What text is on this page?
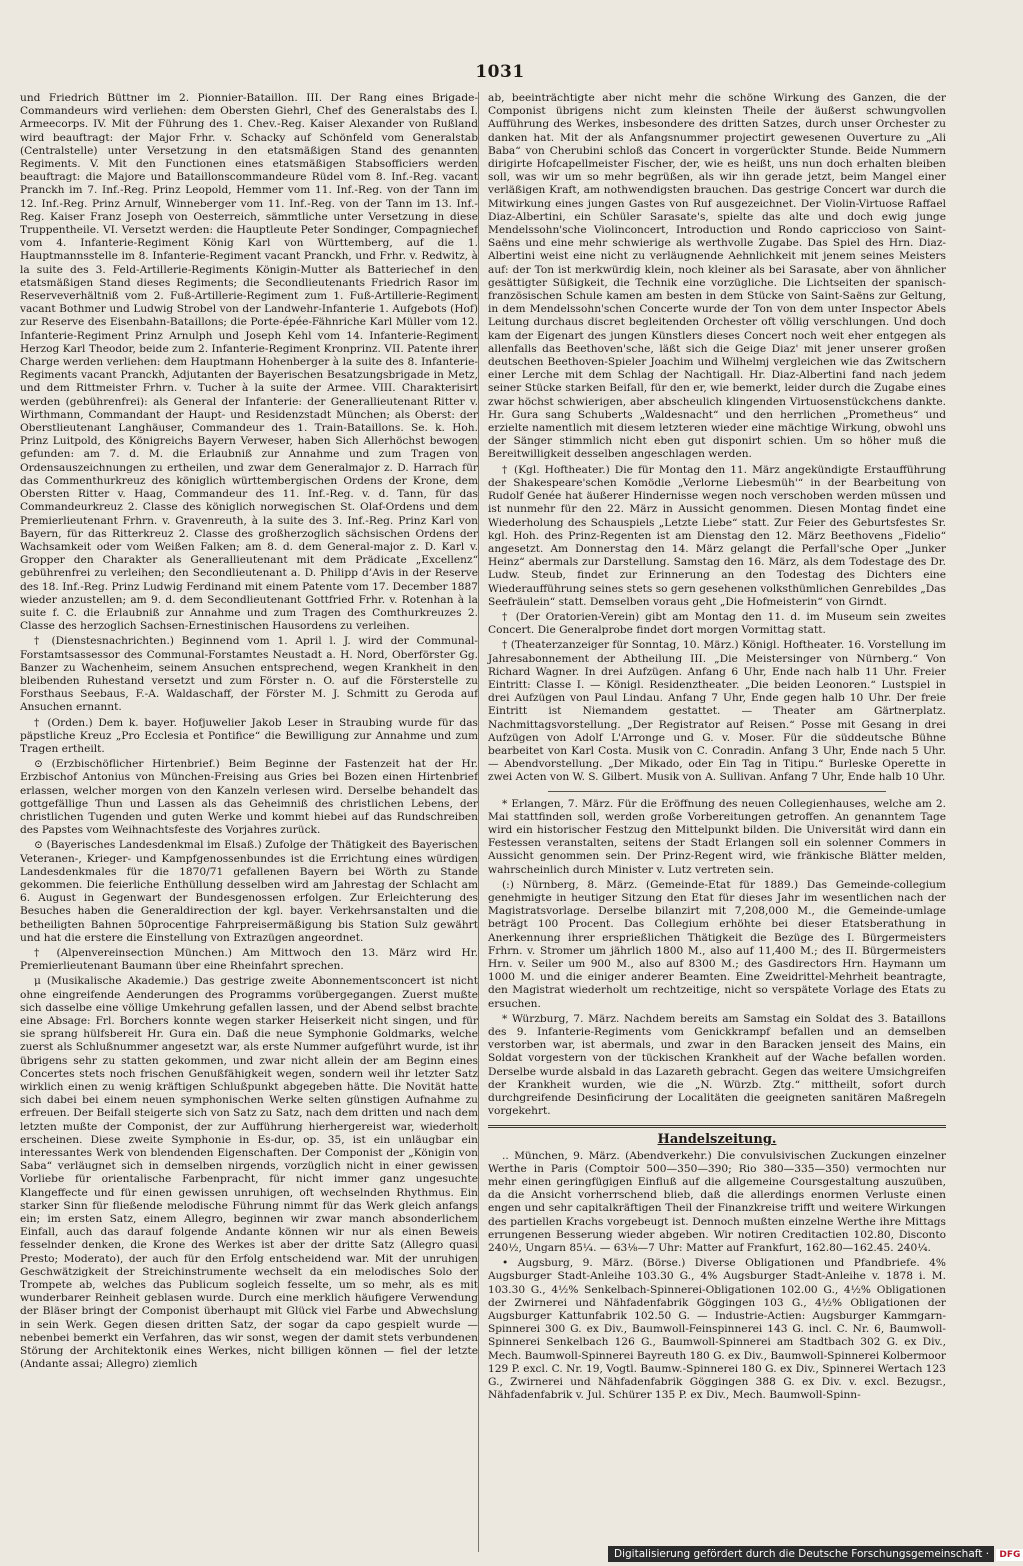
1031

und Friedrich Büttner im 2. Pionnier-Bataillon. III. Der Rang eines Brigade-Commandeurs wird verliehen: dem Obersten Giehrl, Chef des Generalstabs des I. Armeecorps. IV. Mit der Führung des 1. Chev.-Reg. Kaiser Alexander von Rußland wird beauftragt: der Major Frhr. v. Schacky auf Schönfeld vom Generalstab (Centralstelle) unter Versetzung in den etatsmäßigen Stand des genannten Regiments. V. Mit den Functionen eines etatsmäßigen Stabsofficiers werden beauftragt: die Majore und Bataillonscommandeure Rüdel vom 8. Inf.-Reg. vacant Pranckh im 7. Inf.-Reg. Prinz Leopold, Hemmer vom 11. Inf.-Reg. von der Tann im 12. Inf.-Reg. Prinz Arnulf, Winneberger vom 11. Inf.-Reg. von der Tann im 13. Inf.-Reg. Kaiser Franz Joseph von Oesterreich, sämmtliche unter Versetzung in diese Truppentheile. VI. Versetzt werden: die Hauptleute Peter Sondinger, Compagniechef vom 4. Infanterie-Regiment König Karl von Württemberg, auf die 1. Hauptmannsstelle im 8. Infanterie-Regiment vacant Pranckh, und Frhr. v. Redwitz, à la suite des 3. Feld-Artillerie-Regiments Königin-Mutter als Batteriechef in den etatsmäßigen Stand dieses Regiments; die Secondlieutenants Friedrich Rasor im Reserveverhältniß vom 2. Fuß-Artillerie-Regiment zum 1. Fuß-Artillerie-Regiment vacant Bothmer und Ludwig Strobel von der Landwehr-Infanterie 1. Aufgebots (Hof) zur Reserve des Eisenbahn-Bataillons; die Porte-épée-Fähnriche Karl Müller vom 12. Infanterie-Regiment Prinz Arnulph und Joseph Kehl vom 14. Infanterie-Regiment Herzog Karl Theodor, beide zum 2. Infanterie-Regiment Kronprinz. VII. Patente ihrer Charge werden verliehen: dem Hauptmann Hohenberger à la suite des 8. Infanterie-Regiments vacant Pranckh, Adjutanten der Bayerischen Besatzungsbrigade in Metz, und dem Rittmeister Frhrn. v. Tucher à la suite der Armee. VIII. Charakterisirt werden (gebührenfrei): als General der Infanterie: der Generallieutenant Ritter v. Wirthmann, Commandant der Haupt- und Residenzstadt München; als Oberst: der Oberstlieutenant Langhäuser, Commandeur des 1. Train-Bataillons. Se. k. Hoh. Prinz Luitpold, des Königreichs Bayern Verweser, haben Sich Allerhöchst bewogen gefunden: am 7. d. M. die Erlaubniß zur Annahme und zum Tragen von Ordensauszeichnungen zu ertheilen, und zwar dem Generalmajor z. D. Harrach für das Commenthurkreuz des königlich württembergischen Ordens der Krone, dem Obersten Ritter v. Haag, Commandeur des 11. Inf.-Reg. v. d. Tann, für das Commandeurkreuz 2. Classe des königlich norwegischen St. Olaf-Ordens und dem Premierlieutenant Frhrn. v. Gravenreuth, à la suite des 3. Inf.-Reg. Prinz Karl von Bayern, für das Ritterkreuz 2. Classe des großherzoglich sächsischen Ordens der Wachsamkeit oder vom Weißen Falken; am 8. d. dem General-major z. D. Karl v. Gropper den Charakter als Generallieutenant mit dem Prädicate „Excellenz“ gebührenfrei zu verleihen; den Secondlieutenant a. D. Philipp d’Avis in der Reserve des 18. Inf.-Reg. Prinz Ludwig Ferdinand mit einem Patente vom 17. December 1887 wieder anzustellen; am 9. d. dem Secondlieutenant Gottfried Frhr. v. Rotenhan à la suite f. C. die Erlaubniß zur Annahme und zum Tragen des Comthurkreuzes 2. Classe des herzoglich Sachsen-Ernestinischen Hausordens zu verleihen.

† (Dienstesnachrichten.) Beginnend vom 1. April l. J. wird der Communal-Forstamtsassessor des Communal-Forstamtes Neustadt a. H. Nord, Oberförster Gg. Banzer zu Wachenheim, seinem Ansuchen entsprechend, wegen Krankheit in den bleibenden Ruhestand versetzt und zum Förster n. O. auf die Försterstelle zu Forsthaus Seebaus, F.-A. Waldaschaff, der Förster M. J. Schmitt zu Geroda auf Ansuchen ernannt.

† (Orden.) Dem k. bayer. Hofjuwelier Jakob Leser in Straubing wurde für das päpstliche Kreuz „Pro Ecclesia et Pontifice“ die Bewilligung zur Annahme und zum Tragen ertheilt.

⊙ (Erzbischöflicher Hirtenbrief.) Beim Beginne der Fastenzeit hat der Hr. Erzbischof Antonius von München-Freising aus Gries bei Bozen einen Hirtenbrief erlassen, welcher morgen von den Kanzeln verlesen wird. Derselbe behandelt das gottgefällige Thun und Lassen als das Geheimniß des christlichen Lebens, der christlichen Tugenden und guten Werke und kommt hiebei auf das Rundschreiben des Papstes vom Weihnachtsfeste des Vorjahres zurück.

⊙ (Bayerisches Landesdenkmal im Elsaß.) Zufolge der Thätigkeit des Bayerischen Veteranen-, Krieger- und Kampfgenossenbundes ist die Errichtung eines würdigen Landesdenkmales für die 1870/71 gefallenen Bayern bei Wörth zu Stande gekommen. Die feierliche Enthüllung desselben wird am Jahrestag der Schlacht am 6. August in Gegenwart der Bundesgenossen erfolgen. Zur Erleichterung des Besuches haben die Generaldirection der kgl. bayer. Verkehrsanstalten und die betheiligten Bahnen 50procentige Fahrpreisermäßigung bis Station Sulz gewährt und hat die erstere die Einstellung von Extrazügen angeordnet.

† (Alpenvereinsection München.) Am Mittwoch den 13. März wird Hr. Premierlieutenant Baumann über eine Rheinfahrt sprechen.

μ (Musikalische Akademie.) Das gestrige zweite Abonnementsconcert ist nicht ohne eingreifende Aenderungen des Programms vorübergegangen. Zuerst mußte sich dasselbe eine völlige Umkehrung gefallen lassen, und der Abend selbst brachte eine Absage: Frl. Borchers konnte wegen starker Heiserkeit nicht singen, und für sie sprang hülfsbereit Hr. Gura ein. Daß die neue Symphonie Goldmarks, welche zuerst als Schlußnummer angesetzt war, als erste Nummer aufgeführt wurde, ist ihr übrigens sehr zu statten gekommen, und zwar nicht allein der am Beginn eines Concertes stets noch frischen Genußfähigkeit wegen, sondern weil ihr letzter Satz wirklich einen zu wenig kräftigen Schlußpunkt abgegeben hätte. Die Novität hatte sich dabei bei einem neuen symphonischen Werke selten günstigen Aufnahme zu erfreuen. Der Beifall steigerte sich von Satz zu Satz, nach dem dritten und nach dem letzten mußte der Componist, der zur Aufführung hierhergereist war, wiederholt erscheinen. Diese zweite Symphonie in Es-dur, op. 35, ist ein unläugbar ein interessantes Werk von blendenden Eigenschaften. Der Componist der „Königin von Saba“ verläugnet sich in demselben nirgends, vorzüglich nicht in einer gewissen Vorliebe für orientalische Farbenpracht, für nicht immer ganz ungesuchte Klangeffecte und für einen gewissen unruhigen, oft wechselnden Rhythmus. Ein starker Sinn für fließende melodische Führung nimmt für das Werk gleich anfangs ein; im ersten Satz, einem Allegro, beginnen wir zwar manch absonderlichem Einfall, auch das darauf folgende Andante können wir nur als einen Beweis fesselnder denken, die Krone des Werkes ist aber der dritte Satz (Allegro quasi Presto; Moderato), der auch für den Erfolg entscheidend war. Mit der unruhigen Geschwätzigkeit der Streichinstrumente wechselt da ein melodisches Solo der Trompete ab, welches das Publicum sogleich fesselte, um so mehr, als es mit wunderbarer Reinheit geblasen wurde. Durch eine merklich häufigere Verwendung der Bläser bringt der Componist überhaupt mit Glück viel Farbe und Abwechslung in sein Werk. Gegen diesen dritten Satz, der sogar da capo gespielt wurde — nebenbei bemerkt ein Verfahren, das wir sonst, wegen der damit stets verbundenen Störung der Architektonik eines Werkes, nicht billigen können — fiel der letzte (Andante assai; Allegro) ziemlich

ab, beeinträchtigte aber nicht mehr die schöne Wirkung des Ganzen, die der Componist übrigens nicht zum kleinsten Theile der äußerst schwungvollen Aufführung des Werkes, insbesondere des dritten Satzes, durch unser Orchester zu danken hat. Mit der als Anfangsnummer projectirt gewesenen Ouverture zu „Ali Baba“ von Cherubini schloß das Concert in vorgerückter Stunde. Beide Nummern dirigirte Hofcapellmeister Fischer, der, wie es heißt, uns nun doch erhalten bleiben soll, was wir um so mehr begrüßen, als wir ihn gerade jetzt, beim Mangel einer verläßigen Kraft, am nothwendigsten brauchen. Das gestrige Concert war durch die Mitwirkung eines jungen Gastes von Ruf ausgezeichnet. Der Violin-Virtuose Raffael Diaz-Albertini, ein Schüler Sarasate's, spielte das alte und doch ewig junge Mendelssohn'sche Violinconcert, Introduction und Rondo capriccioso von Saint-Saëns und eine mehr schwierige als werthvolle Zugabe. Das Spiel des Hrn. Diaz-Albertini weist eine nicht zu verläugnende Aehnlichkeit mit jenem seines Meisters auf: der Ton ist merkwürdig klein, noch kleiner als bei Sarasate, aber von ähnlicher gesättigter Süßigkeit, die Technik eine vorzügliche. Die Lichtseiten der spanisch-französischen Schule kamen am besten in dem Stücke von Saint-Saëns zur Geltung, in dem Mendelssohn'schen Concerte wurde der Ton von dem unter Inspector Abels Leitung durchaus discret begleitenden Orchester oft völlig verschlungen. Und doch kam der Eigenart des jungen Künstlers dieses Concert noch weit eher entgegen als allenfalls das Beethoven'sche, läßt sich die Geige Diaz' mit jener unserer großen deutschen Beethoven-Spieler Joachim und Wilhelmj vergleichen wie das Zwitschern einer Lerche mit dem Schlag der Nachtigall. Hr. Diaz-Albertini fand nach jedem seiner Stücke starken Beifall, für den er, wie bemerkt, leider durch die Zugabe eines zwar höchst schwierigen, aber abscheulich klingenden Virtuosenstückchens dankte. Hr. Gura sang Schuberts „Waldesnacht“ und den herrlichen „Prometheus“ und erzielte namentlich mit diesem letzteren wieder eine mächtige Wirkung, obwohl uns der Sänger stimmlich nicht eben gut disponirt schien. Um so höher muß die Bereitwilligkeit desselben angeschlagen werden.

† (Kgl. Hoftheater.) Die für Montag den 11. März angekündigte Erstaufführung der Shakespeare'schen Komödie „Verlorne Liebesmüh'“ in der Bearbeitung von Rudolf Genée hat äußerer Hindernisse wegen noch verschoben werden müssen und ist nunmehr für den 22. März in Aussicht genommen. Diesen Montag findet eine Wiederholung des Schauspiels „Letzte Liebe“ statt. Zur Feier des Geburtsfestes Sr. kgl. Hoh. des Prinz-Regenten ist am Dienstag den 12. März Beethovens „Fidelio“ angesetzt. Am Donnerstag den 14. März gelangt die Perfall'sche Oper „Junker Heinz“ abermals zur Darstellung. Samstag den 16. März, als dem Todestage des Dr. Ludw. Steub, findet zur Erinnerung an den Todestag des Dichters eine Wiederaufführung seines stets so gern gesehenen volksthümlichen Genrebildes „Das Seefräulein“ statt. Demselben voraus geht „Die Hofmeisterin“ von Girndt.

† (Der Oratorien-Verein) gibt am Montag den 11. d. im Museum sein zweites Concert. Die Generalprobe findet dort morgen Vormittag statt.

† (Theaterzanzeiger für Sonntag, 10. März.) Königl. Hoftheater. 16. Vorstellung im Jahresabonnement der Abtheilung III. „Die Meistersinger von Nürnberg.“ Von Richard Wagner. In drei Aufzügen. Anfang 6 Uhr, Ende nach halb 11 Uhr. Freier Eintritt: Classe I. — Königl. Residenztheater. „Die beiden Leonoren.“ Lustspiel in drei Aufzügen von Paul Lindau. Anfang 7 Uhr, Ende gegen halb 10 Uhr. Der freie Eintritt ist Niemandem gestattet. — Theater am Gärtnerplatz. Nachmittagsvorstellung. „Der Registrator auf Reisen.“ Posse mit Gesang in drei Aufzügen von Adolf L'Arronge und G. v. Moser. Für die süddeutsche Bühne bearbeitet von Karl Costa. Musik von C. Conradin. Anfang 3 Uhr, Ende nach 5 Uhr. — Abendvorstellung. „Der Mikado, oder Ein Tag in Titipu.“ Burleske Operette in zwei Acten von W. S. Gilbert. Musik von A. Sullivan. Anfang 7 Uhr, Ende halb 10 Uhr.

* Erlangen, 7. März. Für die Eröffnung des neuen Collegienhauses, welche am 2. Mai stattfinden soll, werden große Vorbereitungen getroffen. An genanntem Tage wird ein historischer Festzug den Mittelpunkt bilden. Die Universität wird dann ein Festessen veranstalten, seitens der Stadt Erlangen soll ein solenner Commers in Aussicht genommen sein. Der Prinz-Regent wird, wie fränkische Blätter melden, wahrscheinlich durch Minister v. Lutz vertreten sein.

(:) Nürnberg, 8. März. (Gemeinde-Etat für 1889.) Das Gemeinde-collegium genehmigte in heutiger Sitzung den Etat für dieses Jahr im wesentlichen nach der Magistratsvorlage. Derselbe bilanzirt mit 7,208,000 M., die Gemeinde-umlage beträgt 100 Procent. Das Collegium erhöhte bei dieser Etatsberathung in Anerkennung ihrer ersprießlichen Thätigkeit die Bezüge des I. Bürgermeisters Frhrn. v. Stromer um jährlich 1800 M., also auf 11,400 M.; des II. Bürgermeisters Hrn. v. Seiler um 900 M., also auf 8300 M.; des Gasdirectors Hrn. Haymann um 1000 M. und die einiger anderer Beamten. Eine Zweidrittel-Mehrheit beantragte, den Magistrat wiederholt um rechtzeitige, nicht so verspätete Vorlage des Etats zu ersuchen.

* Würzburg, 7. März. Nachdem bereits am Samstag ein Soldat des 3. Bataillons des 9. Infanterie-Regiments vom Genickkrampf befallen und an demselben verstorben war, ist abermals, und zwar in den Baracken jenseit des Mains, ein Soldat vorgestern von der tückischen Krankheit auf der Wache befallen worden. Derselbe wurde alsbald in das Lazareth gebracht. Gegen das weitere Umsichgreifen der Krankheit wurden, wie die „N. Würzb. Ztg.“ mittheilt, sofort durch durchgreifende Desinficirung der Localitäten die geeigneten sanitären Maßregeln vorgekehrt.

Handelszeitung.

.. München, 9. März. (Abendverkehr.) Die convulsivischen Zuckungen einzelner Werthe in Paris (Comptoir 500—350—390; Rio 380—335—350) vermochten nur mehr einen geringfügigen Einfluß auf die allgemeine Coursgestaltung auszuüben, da die Ansicht vorherrschend blieb, daß die allerdings enormen Verluste einen engen und sehr capitalkräftigen Theil der Finanzkreise trifft und weitere Wirkungen des partiellen Krachs vorgebeugt ist. Dennoch mußten einzelne Werthe ihre Mittags errungenen Besserung wieder abgeben. Wir notiren Creditactien 102.80, Disconto 240½, Ungarn 85¼. — 63⅛—7 Uhr: Matter auf Frankfurt, 162.80—162.45. 240¼.

• Augsburg, 9. März. (Börse.) Diverse Obligationen und Pfandbriefe. 4% Augsburger Stadt-Anleihe 103.30 G., 4% Augsburger Stadt-Anleihe v. 1878 i. M. 103.30 G., 4½% Senkelbach-Spinnerei-Obligationen 102.00 G., 4½% Obligationen der Zwirnerei und Nähfadenfabrik Göggingen 103 G., 4½% Obligationen der Augsburger Kattunfabrik 102.50 G. — Industrie-Actien: Augsburger Kammgarn-Spinnerei 300 G. ex Div., Baumwoll-Feinspinnerei 143 G. incl. C. Nr. 6, Baumwoll-Spinnerei Senkelbach 126 G., Baumwoll-Spinnerei am Stadtbach 302 G. ex Div., Mech. Baumwoll-Spinnerei Bayreuth 180 G. ex Div., Baumwoll-Spinnerei Kolbermoor 129 P. excl. C. Nr. 19, Vogtl. Baumw.-Spinnerei 180 G. ex Div., Spinnerei Wertach 123 G., Zwirnerei und Nähfadenfabrik Göggingen 388 G. ex Div. v. excl. Bezugsr., Nähfadenfabrik v. Jul. Schürer 135 P. ex Div., Mech. Baumwoll-Spinn-

Digitalisierung gefördert durch die Deutsche Forschungsgemeinschaft · DFG
